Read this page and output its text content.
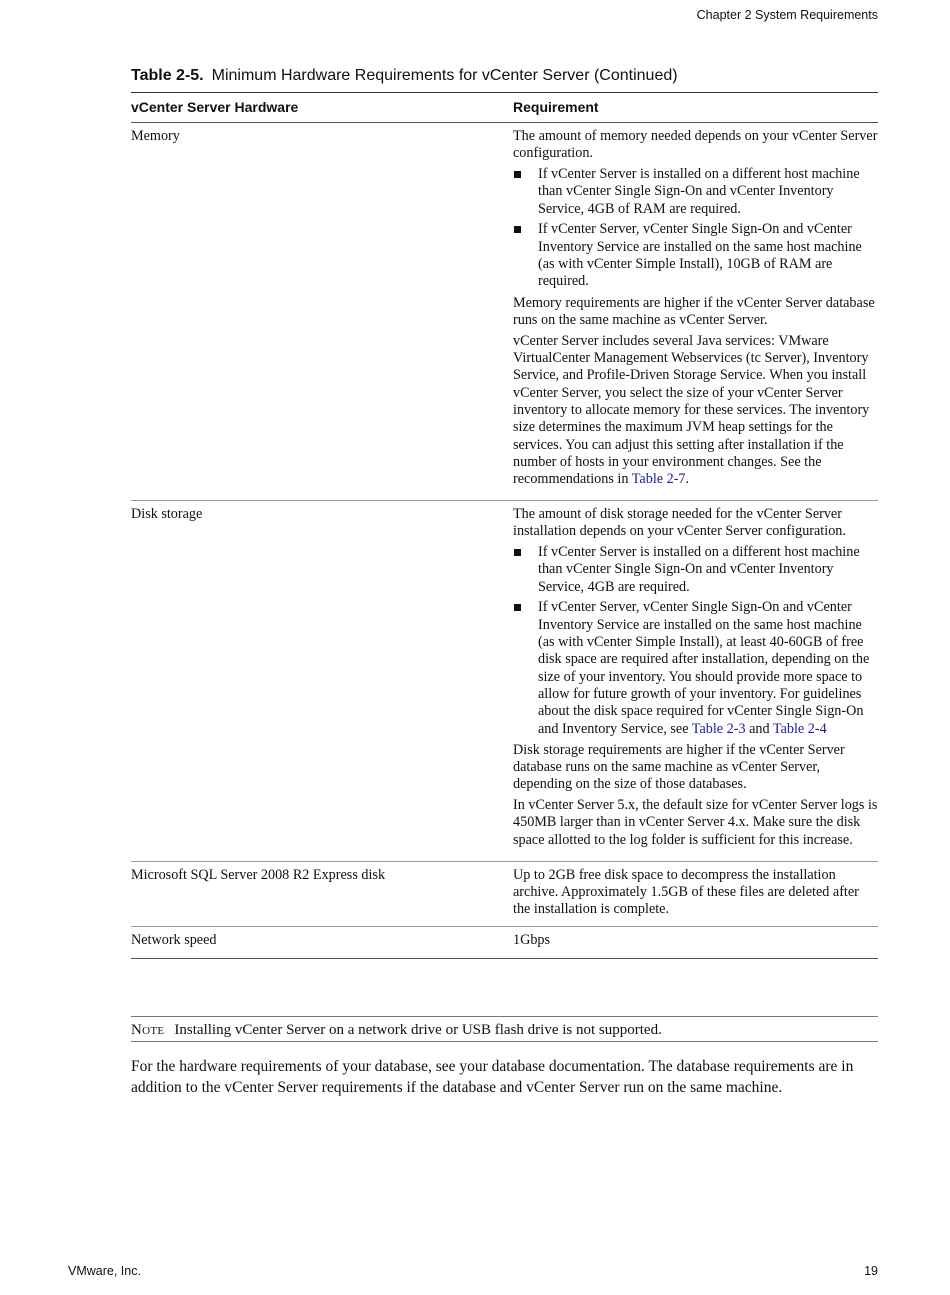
Chapter 2 System Requirements
Table 2-5. Minimum Hardware Requirements for vCenter Server (Continued)
vCenter Server Hardware	Requirement
Memory	The amount of memory needed depends on your vCenter Server configuration.

If vCenter Server is installed on a different host machine than vCenter Single Sign-On and vCenter Inventory Service, 4GB of RAM are required.
If vCenter Server, vCenter Single Sign-On and vCenter Inventory Service are installed on the same host machine (as with vCenter Simple Install), 10GB of RAM are required.

Memory requirements are higher if the vCenter Server database runs on the same machine as vCenter Server.

vCenter Server includes several Java services: VMware VirtualCenter Management Webservices (tc Server), Inventory Service, and Profile-Driven Storage Service. When you install vCenter Server, you select the size of your vCenter Server inventory to allocate memory for these services. The inventory size determines the maximum JVM heap settings for the services. You can adjust this setting after installation if the number of hosts in your environment changes. See the recommendations in Table 2-7.

Disk storage	The amount of disk storage needed for the vCenter Server installation depends on your vCenter Server configuration.

If vCenter Server is installed on a different host machine than vCenter Single Sign-On and vCenter Inventory Service, 4GB are required.
If vCenter Server, vCenter Single Sign-On and vCenter Inventory Service are installed on the same host machine (as with vCenter Simple Install), at least 40-60GB of free disk space are required after installation, depending on the size of your inventory. You should provide more space to allow for future growth of your inventory. For guidelines about the disk space required for vCenter Single Sign-On and Inventory Service, see Table 2-3 and Table 2-4

Disk storage requirements are higher if the vCenter Server database runs on the same machine as vCenter Server, depending on the size of those databases.

In vCenter Server 5.x, the default size for vCenter Server logs is 450MB larger than in vCenter Server 4.x. Make sure the disk space allotted to the log folder is sufficient for this increase.

Microsoft SQL Server 2008 R2 Express disk	Up to 2GB free disk space to decompress the installation archive. Approximately 1.5GB of these files are deleted after the installation is complete.
Network speed	1Gbps
Note Installing vCenter Server on a network drive or USB flash drive is not supported.

For the hardware requirements of your database, see your database documentation. The database requirements are in addition to the vCenter Server requirements if the database and vCenter Server run on the same machine.

VMware, Inc.	19
